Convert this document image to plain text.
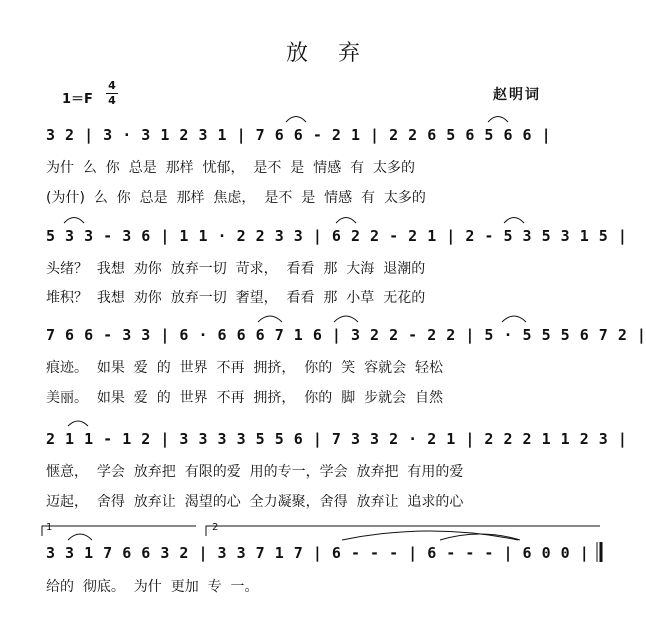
放弃
1＝F
4
4	赵明词
3 2 | 3 · 3 1 2 3 1 | 7 6 6 - 2 1 | 2 2 6 5 6 5 6 6 |
为什  么  你  总是  那样  忧郁，  是不  是  情感  有  太多的
(为什)  么  你  总是  那样  焦虑，  是不  是  情感  有  太多的
5 3 3 - 3 6 | 1 1 · 2 2 3 3 | 6 2 2 - 2 1 | 2 - 5 3 5 3 1 5 |
头绪？  我想  劝你  放弃一切  苛求，  看看  那  大海  退潮的
堆积？  我想  劝你  放弃一切  奢望，  看看  那  小草  无花的
7 6 6 - 3 3 | 6 · 6 6 6 7 1 6 | 3 2 2 - 2 2 | 5 · 5 5 5 6 7 2 |
痕迹。  如果  爱  的  世界  不再  拥挤，  你的  笑  容就会  轻松
美丽。  如果  爱  的  世界  不再  拥挤，  你的  脚  步就会  自然
2 1 1 - 1 2 | 3 3 3 3 5 5 6 | 7 3 3 2 · 2 1 | 2 2 2 1 1 2 3 |
惬意，  学会  放弃把  有限的爱  用的专一，学会  放弃把  有用的爱
迈起，  舍得  放弃让  渴望的心  全力凝聚，舍得  放弃让  追求的心
3 3 1 7 6 6 3 2 | 3 3 7 1 7 | 6 - - - | 6 - - - | 6 0 0 |
给的  彻底。  为什  更加  专  一。
1	2
